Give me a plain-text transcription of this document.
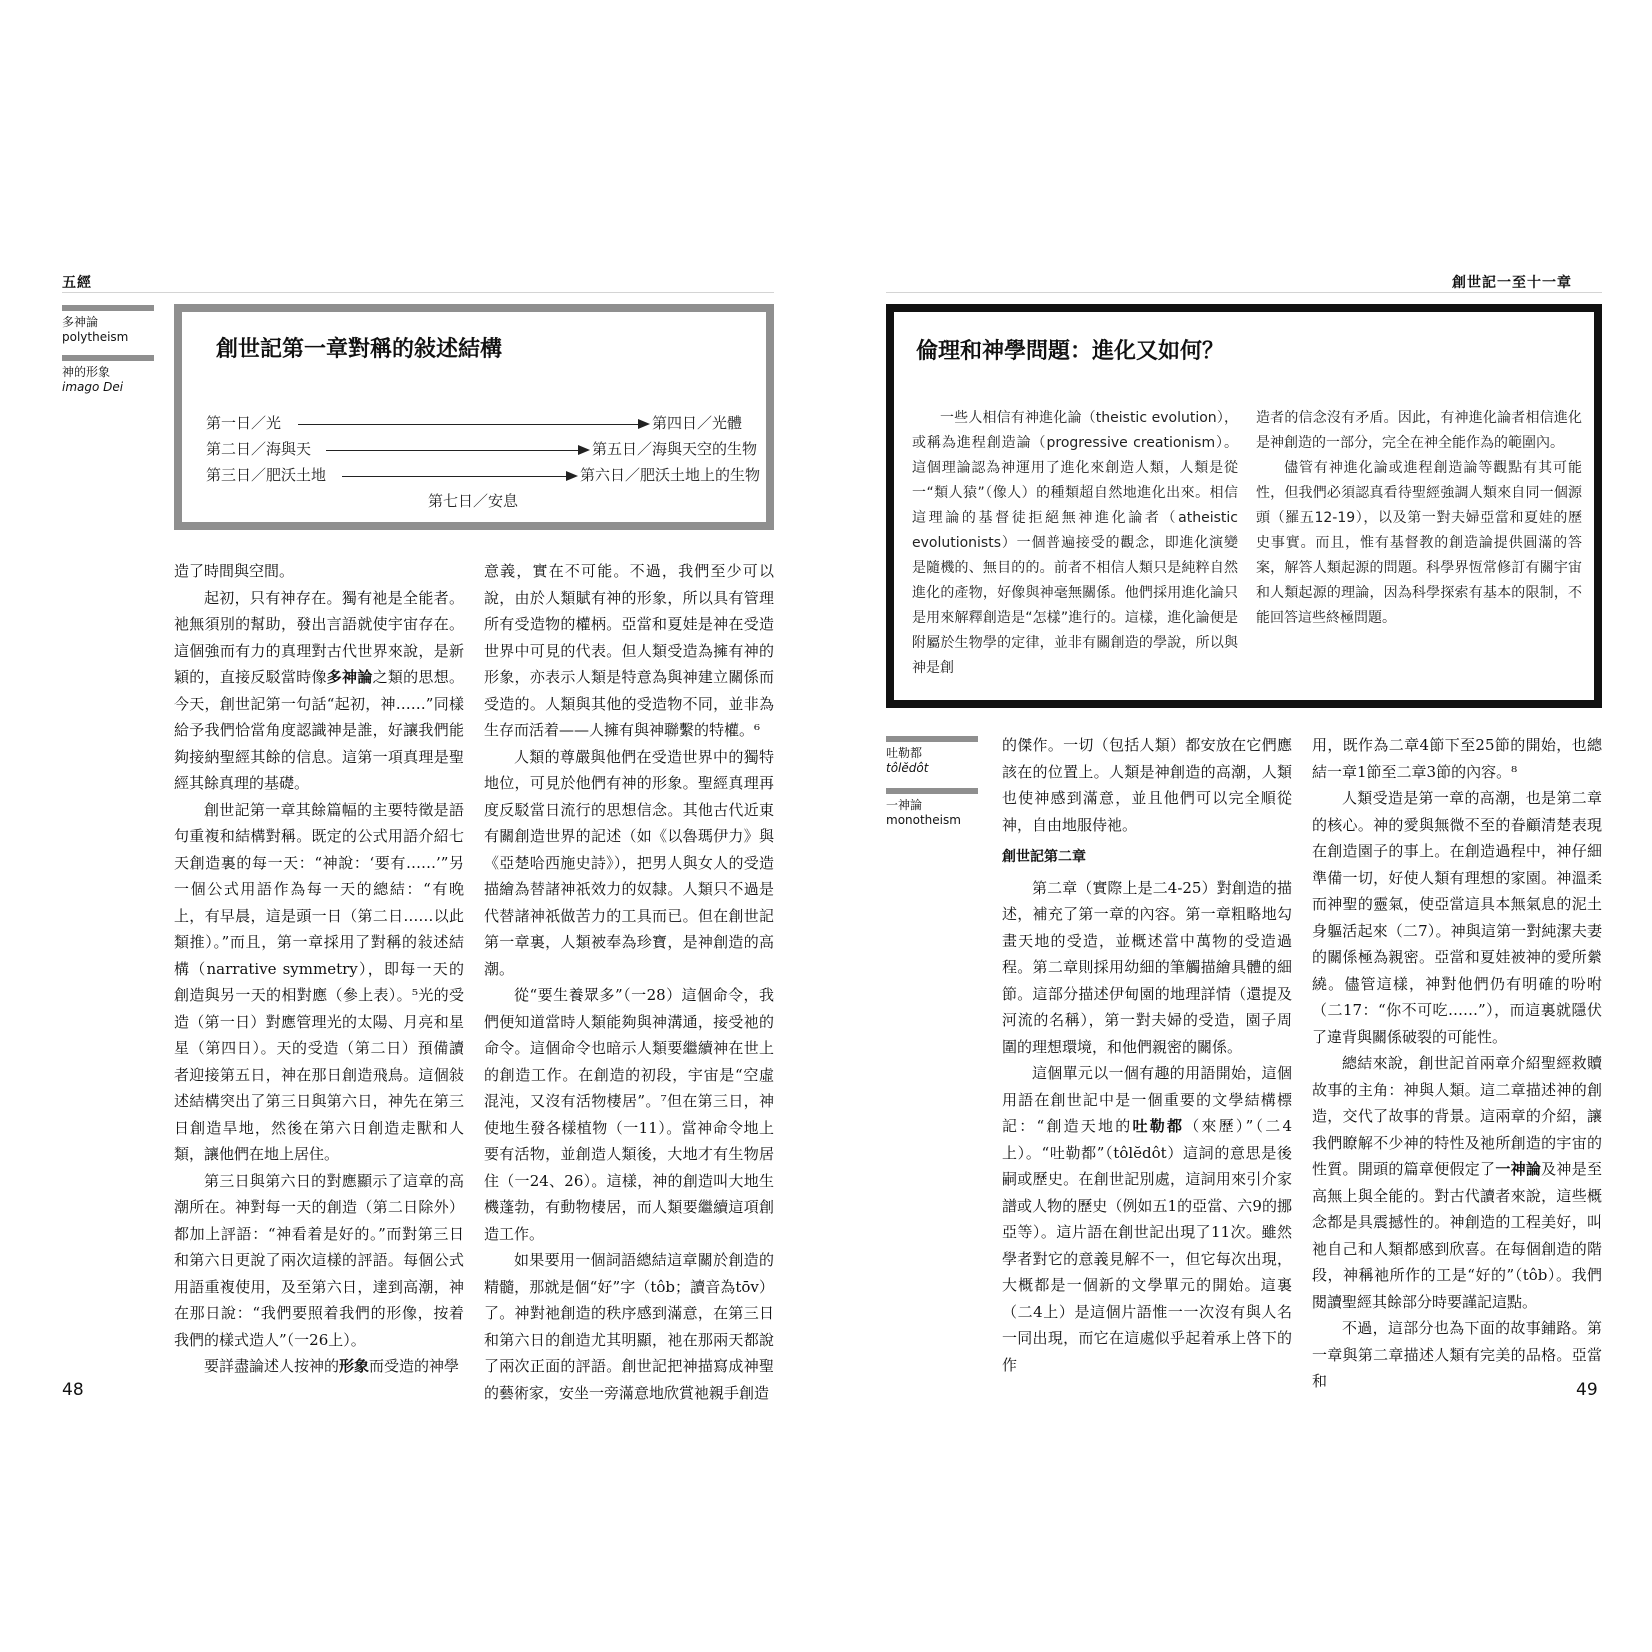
五經
多神論
polytheism
神的形象
imago Dei
創世記第一章對稱的敍述結構
第一日／光	第四日／光體
第二日／海與天	第五日／海與天空的生物
第三日／肥沃土地	第六日／肥沃土地上的生物
第七日／安息

造了時間與空間。

起初，只有神存在。獨有祂是全能者。祂無須別的幫助，發出言語就使宇宙存在。這個強而有力的真理對古代世界來說，是新穎的，直接反駁當時像多神論之類的思想。今天，創世記第一句話“起初，神……”同樣給予我們恰當角度認識神是誰，好讓我們能夠接納聖經其餘的信息。這第一項真理是聖經其餘真理的基礎。

創世記第一章其餘篇幅的主要特徵是語句重複和結構對稱。既定的公式用語介紹七天創造裏的每一天：“神說：‘要有……’”另一個公式用語作為每一天的總結：“有晚上，有早晨，這是頭一日（第二日……以此類推）。”而且，第一章採用了對稱的敍述結構（narrative symmetry），即每一天的創造與另一天的相對應（參上表）。⁵光的受造（第一日）對應管理光的太陽、月亮和星星（第四日）。天的受造（第二日）預備讀者迎接第五日，神在那日創造飛鳥。這個敍述結構突出了第三日與第六日，神先在第三日創造旱地，然後在第六日創造走獸和人類，讓他們在地上居住。

第三日與第六日的對應顯示了這章的高潮所在。神對每一天的創造（第二日除外）都加上評語：“神看着是好的。”而對第三日和第六日更說了兩次這樣的評語。每個公式用語重複使用，及至第六日，達到高潮，神在那日說：“我們要照着我們的形像，按着我們的樣式造人”（一26上）。

要詳盡論述人按神的形象而受造的神學

意義，實在不可能。不過，我們至少可以說，由於人類賦有神的形象，所以具有管理所有受造物的權柄。亞當和夏娃是神在受造世界中可見的代表。但人類受造為擁有神的形象，亦表示人類是特意為與神建立關係而受造的。人類與其他的受造物不同，並非為生存而活着——人擁有與神聯繫的特權。⁶

人類的尊嚴與他們在受造世界中的獨特地位，可見於他們有神的形象。聖經真理再度反駁當日流行的思想信念。其他古代近東有關創造世界的記述（如《以魯瑪伊力》與《亞楚哈西施史詩》），把男人與女人的受造描繪為替諸神祇效力的奴隸。人類只不過是代替諸神祇做苦力的工具而已。但在創世記第一章裏，人類被奉為珍寶，是神創造的高潮。

從“要生養眾多”（一28）這個命令，我們便知道當時人類能夠與神溝通，接受祂的命令。這個命令也暗示人類要繼續神在世上的創造工作。在創造的初段，宇宙是“空虛混沌，又沒有活物棲居”。⁷但在第三日，神使地生發各樣植物（一11）。當神命令地上要有活物，並創造人類後，大地才有生物居住（一24、26）。這樣，神的創造叫大地生機蓬勃，有動物棲居，而人類要繼續這項創造工作。

如果要用一個詞語總結這章關於創造的精髓，那就是個“好”字（tôb；讀音為tōv）了。神對祂創造的秩序感到滿意，在第三日和第六日的創造尤其明顯，祂在那兩天都說了兩次正面的評語。創世記把神描寫成神聖的藝術家，安坐一旁滿意地欣賞祂親手創造

48
創世記一至十一章
倫理和神學問題：進化又如何？

一些人相信有神進化論（theistic evolution），或稱為進程創造論（progressive creationism）。這個理論認為神運用了進化來創造人類，人類是從一“類人猿”（像人）的種類超自然地進化出來。相信這理論的基督徒拒絕無神進化論者（atheistic evolutionists）一個普遍接受的觀念，即進化演變是隨機的、無目的的。前者不相信人類只是純粹自然進化的產物，好像與神毫無關係。他們採用進化論只是用來解釋創造是“怎樣”進行的。這樣，進化論便是附屬於生物學的定律，並非有關創造的學說，所以與神是創

造者的信念沒有矛盾。因此，有神進化論者相信進化是神創造的一部分，完全在神全能作為的範圍內。

儘管有神進化論或進程創造論等觀點有其可能性，但我們必須認真看待聖經強調人類來自同一個源頭（羅五12-19），以及第一對夫婦亞當和夏娃的歷史事實。而且，惟有基督教的創造論提供圓滿的答案，解答人類起源的問題。科學界恆常修訂有關宇宙和人類起源的理論，因為科學探索有基本的限制，不能回答這些終極問題。

吐勒都
tôlĕdôt
一神論
monotheism

的傑作。一切（包括人類）都安放在它們應該在的位置上。人類是神創造的高潮，人類也使神感到滿意，並且他們可以完全順從神，自由地服侍祂。

創世記第二章

第二章（實際上是二4-25）對創造的描述，補充了第一章的內容。第一章粗略地勾畫天地的受造，並概述當中萬物的受造過程。第二章則採用幼細的筆觸描繪具體的細節。這部分描述伊甸園的地理詳情（還提及河流的名稱），第一對夫婦的受造，園子周圍的理想環境，和他們親密的關係。

這個單元以一個有趣的用語開始，這個用語在創世記中是一個重要的文學結構標記：“創造天地的吐勒都（來歷）”（二4上）。“吐勒都”（tôlĕdôt）這詞的意思是後嗣或歷史。在創世記別處，這詞用來引介家譜或人物的歷史（例如五1的亞當、六9的挪亞等）。這片語在創世記出現了11次。雖然學者對它的意義見解不一，但它每次出現，大概都是一個新的文學單元的開始。這裏（二4上）是這個片語惟一一次沒有與人名一同出現，而它在這處似乎起着承上啓下的作

用，既作為二章4節下至25節的開始，也總結一章1節至二章3節的內容。⁸

人類受造是第一章的高潮，也是第二章的核心。神的愛與無微不至的眷顧清楚表現在創造園子的事上。在創造過程中，神仔細準備一切，好使人類有理想的家園。神溫柔而神聖的靈氣，使亞當這具本無氣息的泥土身軀活起來（二7）。神與這第一對純潔夫妻的關係極為親密。亞當和夏娃被神的愛所縈繞。儘管這樣，神對他們仍有明確的吩咐（二17：“你不可吃……”），而這裏就隱伏了違背與關係破裂的可能性。

總結來說，創世記首兩章介紹聖經救贖故事的主角：神與人類。這二章描述神的創造，交代了故事的背景。這兩章的介紹，讓我們瞭解不少神的特性及祂所創造的宇宙的性質。開頭的篇章便假定了一神論及神是至高無上與全能的。對古代讀者來說，這些概念都是具震撼性的。神創造的工程美好，叫祂自己和人類都感到欣喜。在每個創造的階段，神稱祂所作的工是“好的”（tôb）。我們閱讀聖經其餘部分時要謹記這點。

不過，這部分也為下面的故事鋪路。第一章與第二章描述人類有完美的品格。亞當和	49
